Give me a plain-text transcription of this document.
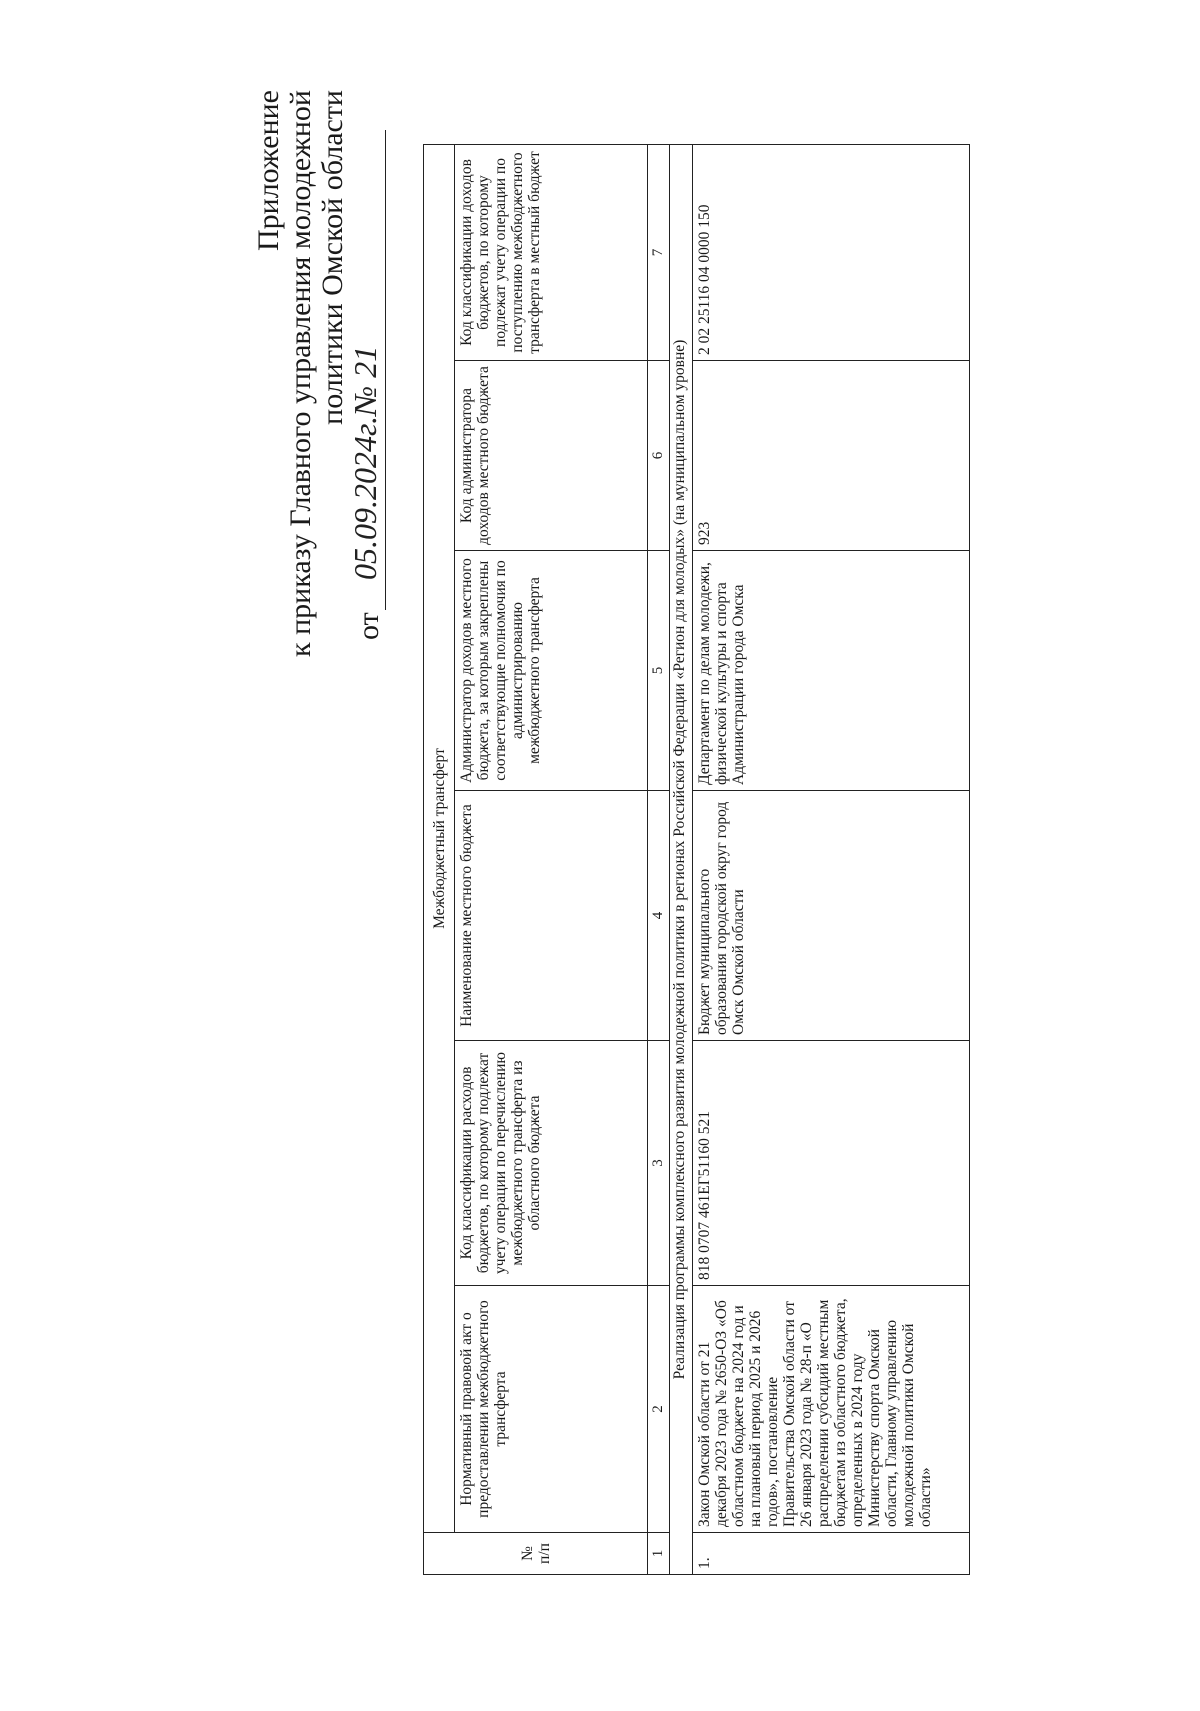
Приложение к приказу Главного управления молодежной политики Омской области
от
05.09.2024г.№ 21
№ п/п	Межбюджетный трансферт					
	Нормативный правовой акт о предоставлении межбюджетного трансферта	Код классификации расходов бюджетов, по которому подлежат учету операции по перечислению межбюджетного трансферта из областного бюджета	Наименование местного бюджета	Администратор доходов местного бюджета, за которым закреплены соответствующие полномочия по администрированию межбюджетного трансферта	Код администратора доходов местного бюджета	Код классификации доходов бюджетов, по которому подлежат учету операции по поступлению межбюджетного трансферта в местный бюджет
1	2	3	4	5	6	7
Реализация программы комплексного развития молодежной политики в регионах Российской Федерации «Регион для молодых» (на муниципальном уровне)						
1.	Закон Омской области от 21 декабря 2023 года № 2650-ОЗ «Об областном бюджете на 2024 год и на плановый период 2025 и 2026 годов», постановление Правительства Омской области от 26 января 2023 года № 28-п «О распределении субсидий местным бюджетам из областного бюджета, определенных в 2024 году Министерству спорта Омской области, Главному управлению молодежной политики Омской области»	818 0707 461EГ51160 521	Бюджет муниципального образования городской округ город Омск Омской области	Департамент по делам молодежи, физической культуры и спорта Администрации города Омска	923	2 02 25116 04 0000 150
